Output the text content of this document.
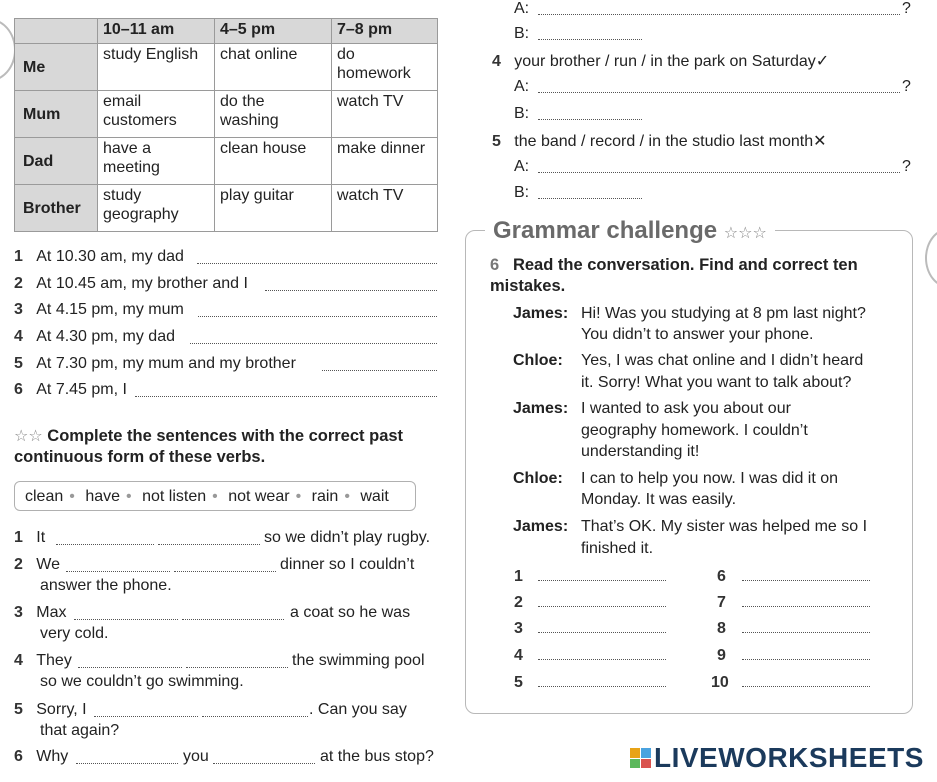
	10–11 am	4–5 pm	7–8 pm
Me	study English	chat online	do homework
Mum	email customers	do the washing	watch TV
Dad	have a meeting	clean house	make dinner
Brother	study geography	play guitar	watch TV
1 At 10.30 am, my dad
2 At 10.45 am, my brother and I
3 At 4.15 pm, my mum
4 At 4.30 pm, my dad
5 At 7.30 pm, my mum and my brother
6 At 7.45 pm, I
☆☆ Complete the sentences with the correct past continuous form of these verbs.
clean • have • not listen • not wear • rain • wait
1 It	so we didn’t play rugby.
2 We	dinner so I couldn’t
answer the phone.
3 Max	a coat so he was
very cold.
4 They	the swimming pool
so we couldn’t go swimming.
5 Sorry, I	. Can you say
that again?
6 Why	you	at the bus stop?
A:	?
B:
4 your brother / run / in the park on Saturday✓
A:	?
B:
5 the band / record / in the studio last month✕
A:	?
B:
Grammar challenge ☆☆☆
6 Read the conversation. Find and correct ten mistakes.
James: Hi! Was you studying at 8 pm last night?
You didn’t to answer your phone.
Chloe: Yes, I was chat online and I didn’t heard
it. Sorry! What you want to talk about?
James: I wanted to ask you about our
geography homework. I couldn’t
understanding it!
Chloe: I can to help you now. I was did it on
Monday. It was easily.
James: That’s OK. My sister was helped me so I
finished it.
1
2
3
4
5
6
7
8
9
10
LIVEWORKSHEETS
